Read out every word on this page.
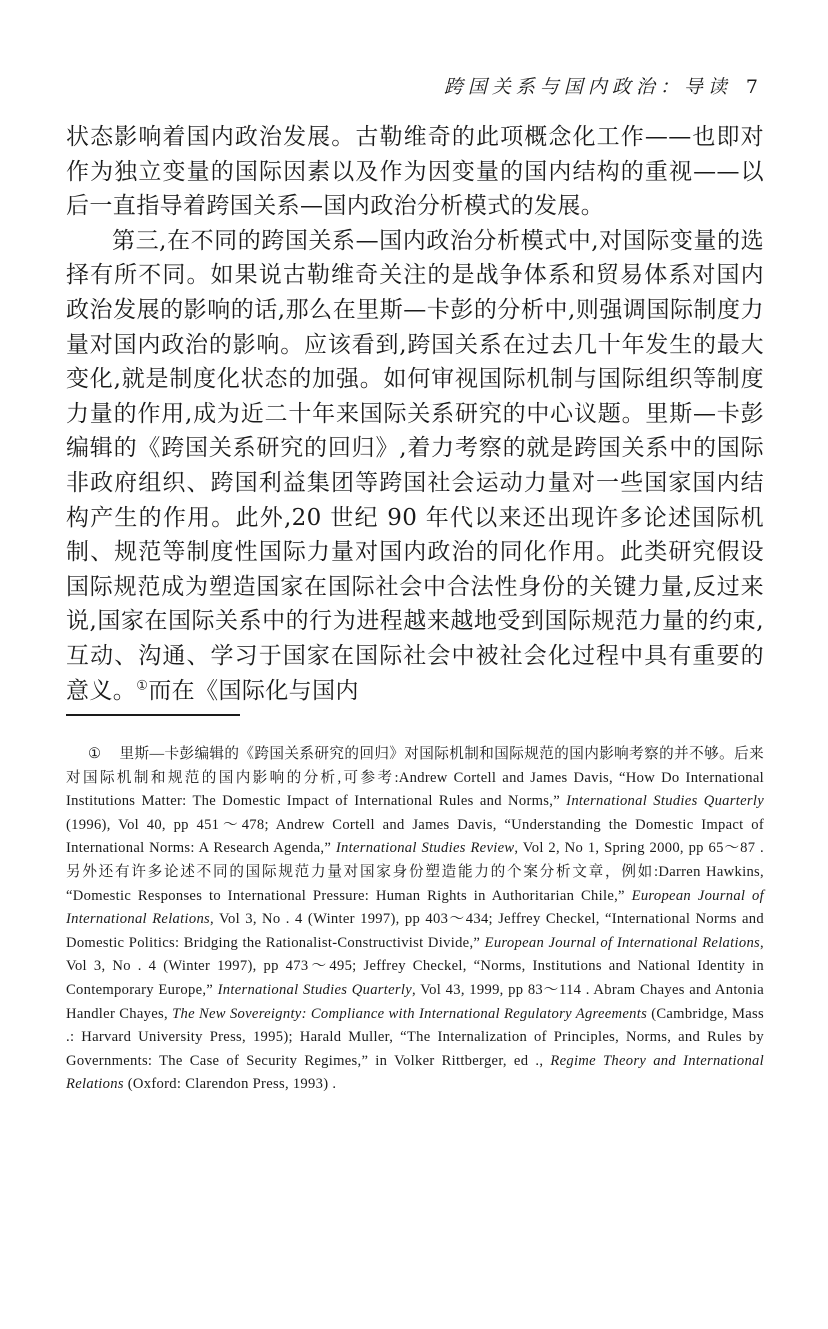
跨国关系与国内政治：导读 7

状态影响着国内政治发展。古勒维奇的此项概念化工作——也即对作为独立变量的国际因素以及作为因变量的国内结构的重视——以后一直指导着跨国关系—国内政治分析模式的发展。

第三,在不同的跨国关系—国内政治分析模式中,对国际变量的选择有所不同。如果说古勒维奇关注的是战争体系和贸易体系对国内政治发展的影响的话,那么在里斯—卡彭的分析中,则强调国际制度力量对国内政治的影响。应该看到,跨国关系在过去几十年发生的最大变化,就是制度化状态的加强。如何审视国际机制与国际组织等制度力量的作用,成为近二十年来国际关系研究的中心议题。里斯—卡彭编辑的《跨国关系研究的回归》,着力考察的就是跨国关系中的国际非政府组织、跨国利益集团等跨国社会运动力量对一些国家国内结构产生的作用。此外,20 世纪 90 年代以来还出现许多论述国际机制、规范等制度性国际力量对国内政治的同化作用。此类研究假设国际规范成为塑造国家在国际社会中合法性身份的关键力量,反过来说,国家在国际关系中的行为进程越来越地受到国际规范力量的约束,互动、沟通、学习于国家在国际社会中被社会化过程中具有重要的意义。①而在《国际化与国内

① 里斯—卡彭编辑的《跨国关系研究的回归》对国际机制和国际规范的国内影响考察的并不够。后来对国际机制和规范的国内影响的分析,可参考:Andrew Cortell and James Davis, “How Do International Institutions Matter: The Domestic Impact of International Rules and Norms,” International Studies Quarterly (1996), Vol 40, pp 451～478; Andrew Cortell and James Davis, “Understanding the Domestic Impact of International Norms: A Research Agenda,” International Studies Review, Vol 2, No 1, Spring 2000, pp 65～87 . 另外还有许多论述不同的国际规范力量对国家身份塑造能力的个案分析文章，例如:Darren Hawkins, “Domestic Responses to International Pressure: Human Rights in Authoritarian Chile,” European Journal of International Relations, Vol 3, No . 4 (Winter 1997), pp 403～434; Jeffrey Checkel, “International Norms and Domestic Politics: Bridging the Rationalist-Constructivist Divide,” European Journal of International Relations, Vol 3, No . 4 (Winter 1997), pp 473～495; Jeffrey Checkel, “Norms, Institutions and National Identity in Contemporary Europe,” International Studies Quarterly, Vol 43, 1999, pp 83～114 . Abram Chayes and Antonia Handler Chayes, The New Sovereignty: Compliance with International Regulatory Agreements (Cambridge, Mass .: Harvard University Press, 1995); Harald Muller, “The Internalization of Principles, Norms, and Rules by Governments: The Case of Security Regimes,” in Volker Rittberger, ed ., Regime Theory and International Relations (Oxford: Clarendon Press, 1993) .
